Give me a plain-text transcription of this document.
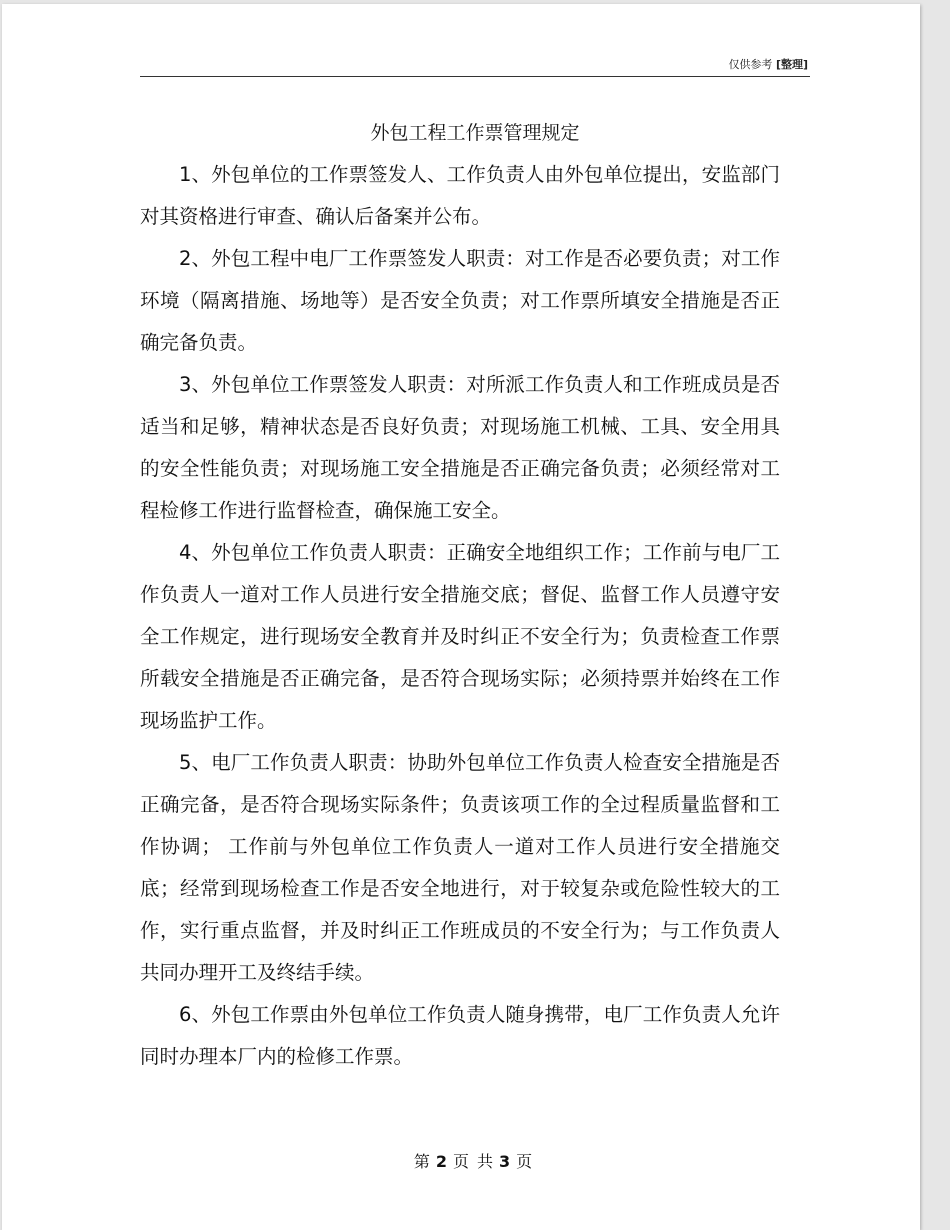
仅供参考 [整理]
外包工程工作票管理规定

1、外包单位的工作票签发人、工作负责人由外包单位提出，安监部门对其资格进行审查、确认后备案并公布。

2、外包工程中电厂工作票签发人职责：对工作是否必要负责；对工作环境（隔离措施、场地等）是否安全负责；对工作票所填安全措施是否正确完备负责。

3、外包单位工作票签发人职责：对所派工作负责人和工作班成员是否适当和足够，精神状态是否良好负责；对现场施工机械、工具、安全用具的安全性能负责；对现场施工安全措施是否正确完备负责；必须经常对工程检修工作进行监督检查，确保施工安全。

4、外包单位工作负责人职责：正确安全地组织工作；工作前与电厂工作负责人一道对工作人员进行安全措施交底；督促、监督工作人员遵守安全工作规定，进行现场安全教育并及时纠正不安全行为；负责检查工作票所载安全措施是否正确完备，是否符合现场实际；必须持票并始终在工作现场监护工作。

5、电厂工作负责人职责：协助外包单位工作负责人检查安全措施是否正确完备，是否符合现场实际条件；负责该项工作的全过程质量监督和工作协调； 工作前与外包单位工作负责人一道对工作人员进行安全措施交底；经常到现场检查工作是否安全地进行，对于较复杂或危险性较大的工作，实行重点监督，并及时纠正工作班成员的不安全行为；与工作负责人共同办理开工及终结手续。

6、外包工作票由外包单位工作负责人随身携带，电厂工作负责人允许同时办理本厂内的检修工作票。

第 2 页 共 3 页
